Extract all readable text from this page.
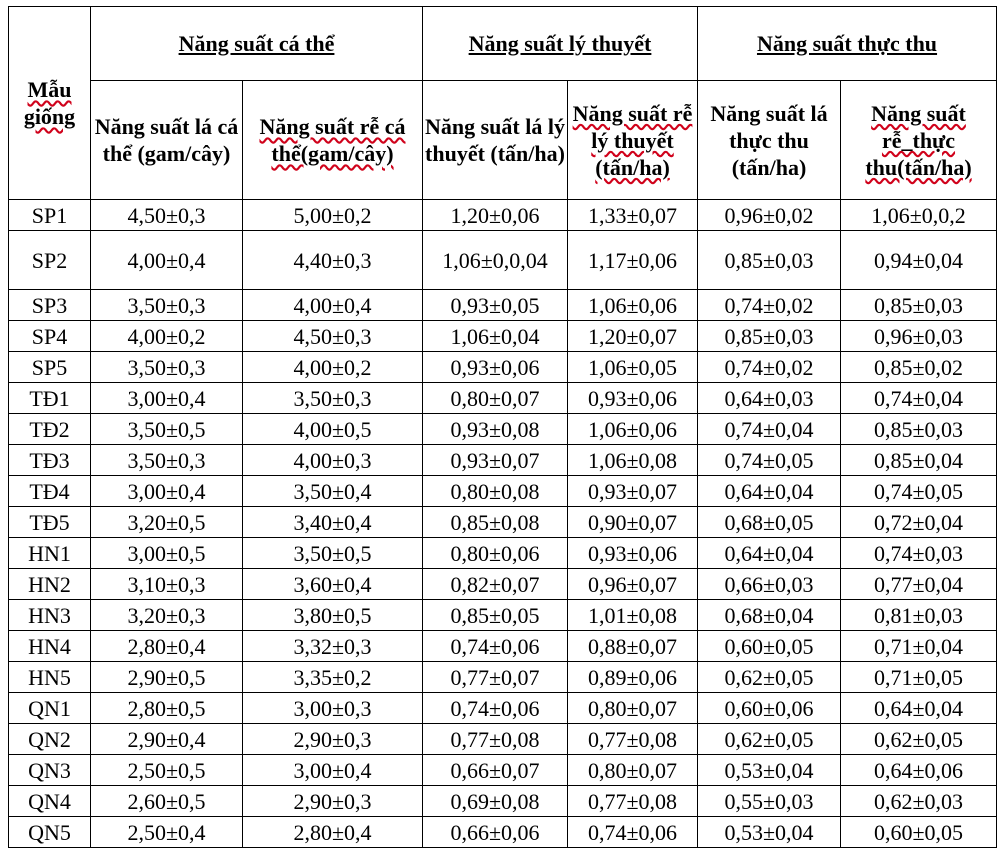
Mẫu giống	Năng suất cá thể		Năng suất lý thuyết		Năng suất thực thu	
	Năng suất lá cá thể (gam/cây)	Năng suất rễ cá thể(gam/cây)	Năng suất lá lý thuyết (tấn/ha)	Năng suất rễ lý thuyết (tấn/ha)	Năng suất lá thực thu (tấn/ha)	Năng suất rễ_thực thu(tấn/ha)
SP1	4,50±0,3	5,00±0,2	1,20±0,06	1,33±0,07	0,96±0,02	1,06±0,0,2
SP2	4,00±0,4	4,40±0,3	1,06±0,0,04	1,17±0,06	0,85±0,03	0,94±0,04
SP3	3,50±0,3	4,00±0,4	0,93±0,05	1,06±0,06	0,74±0,02	0,85±0,03
SP4	4,00±0,2	4,50±0,3	1,06±0,04	1,20±0,07	0,85±0,03	0,96±0,03
SP5	3,50±0,3	4,00±0,2	0,93±0,06	1,06±0,05	0,74±0,02	0,85±0,02
TĐ1	3,00±0,4	3,50±0,3	0,80±0,07	0,93±0,06	0,64±0,03	0,74±0,04
TĐ2	3,50±0,5	4,00±0,5	0,93±0,08	1,06±0,06	0,74±0,04	0,85±0,03
TĐ3	3,50±0,3	4,00±0,3	0,93±0,07	1,06±0,08	0,74±0,05	0,85±0,04
TĐ4	3,00±0,4	3,50±0,4	0,80±0,08	0,93±0,07	0,64±0,04	0,74±0,05
TĐ5	3,20±0,5	3,40±0,4	0,85±0,08	0,90±0,07	0,68±0,05	0,72±0,04
HN1	3,00±0,5	3,50±0,5	0,80±0,06	0,93±0,06	0,64±0,04	0,74±0,03
HN2	3,10±0,3	3,60±0,4	0,82±0,07	0,96±0,07	0,66±0,03	0,77±0,04
HN3	3,20±0,3	3,80±0,5	0,85±0,05	1,01±0,08	0,68±0,04	0,81±0,03
HN4	2,80±0,4	3,32±0,3	0,74±0,06	0,88±0,07	0,60±0,05	0,71±0,04
HN5	2,90±0,5	3,35±0,2	0,77±0,07	0,89±0,06	0,62±0,05	0,71±0,05
QN1	2,80±0,5	3,00±0,3	0,74±0,06	0,80±0,07	0,60±0,06	0,64±0,04
QN2	2,90±0,4	2,90±0,3	0,77±0,08	0,77±0,08	0,62±0,05	0,62±0,05
QN3	2,50±0,5	3,00±0,4	0,66±0,07	0,80±0,07	0,53±0,04	0,64±0,06
QN4	2,60±0,5	2,90±0,3	0,69±0,08	0,77±0,08	0,55±0,03	0,62±0,03
QN5	2,50±0,4	2,80±0,4	0,66±0,06	0,74±0,06	0,53±0,04	0,60±0,05
